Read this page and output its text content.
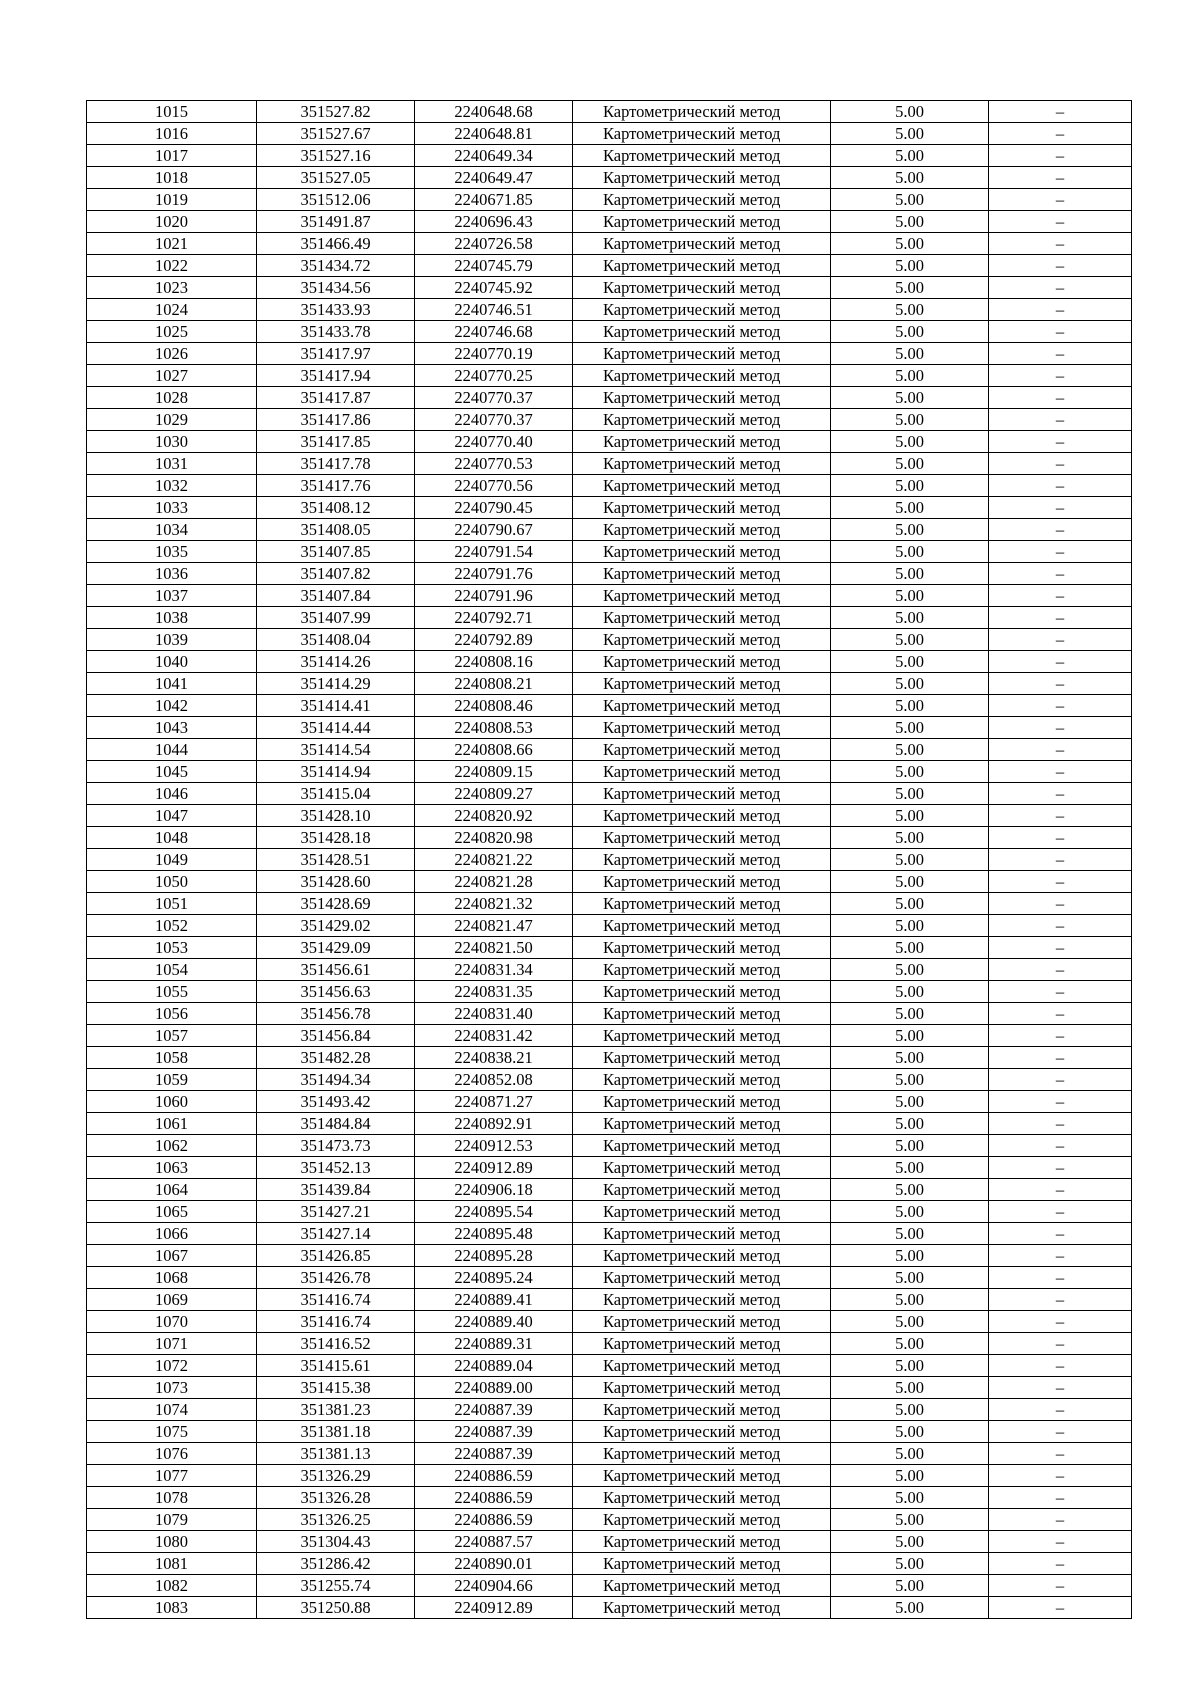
1015	351527.82	2240648.68	Картометрический метод	5.00	–
1016	351527.67	2240648.81	Картометрический метод	5.00	–
1017	351527.16	2240649.34	Картометрический метод	5.00	–
1018	351527.05	2240649.47	Картометрический метод	5.00	–
1019	351512.06	2240671.85	Картометрический метод	5.00	–
1020	351491.87	2240696.43	Картометрический метод	5.00	–
1021	351466.49	2240726.58	Картометрический метод	5.00	–
1022	351434.72	2240745.79	Картометрический метод	5.00	–
1023	351434.56	2240745.92	Картометрический метод	5.00	–
1024	351433.93	2240746.51	Картометрический метод	5.00	–
1025	351433.78	2240746.68	Картометрический метод	5.00	–
1026	351417.97	2240770.19	Картометрический метод	5.00	–
1027	351417.94	2240770.25	Картометрический метод	5.00	–
1028	351417.87	2240770.37	Картометрический метод	5.00	–
1029	351417.86	2240770.37	Картометрический метод	5.00	–
1030	351417.85	2240770.40	Картометрический метод	5.00	–
1031	351417.78	2240770.53	Картометрический метод	5.00	–
1032	351417.76	2240770.56	Картометрический метод	5.00	–
1033	351408.12	2240790.45	Картометрический метод	5.00	–
1034	351408.05	2240790.67	Картометрический метод	5.00	–
1035	351407.85	2240791.54	Картометрический метод	5.00	–
1036	351407.82	2240791.76	Картометрический метод	5.00	–
1037	351407.84	2240791.96	Картометрический метод	5.00	–
1038	351407.99	2240792.71	Картометрический метод	5.00	–
1039	351408.04	2240792.89	Картометрический метод	5.00	–
1040	351414.26	2240808.16	Картометрический метод	5.00	–
1041	351414.29	2240808.21	Картометрический метод	5.00	–
1042	351414.41	2240808.46	Картометрический метод	5.00	–
1043	351414.44	2240808.53	Картометрический метод	5.00	–
1044	351414.54	2240808.66	Картометрический метод	5.00	–
1045	351414.94	2240809.15	Картометрический метод	5.00	–
1046	351415.04	2240809.27	Картометрический метод	5.00	–
1047	351428.10	2240820.92	Картометрический метод	5.00	–
1048	351428.18	2240820.98	Картометрический метод	5.00	–
1049	351428.51	2240821.22	Картометрический метод	5.00	–
1050	351428.60	2240821.28	Картометрический метод	5.00	–
1051	351428.69	2240821.32	Картометрический метод	5.00	–
1052	351429.02	2240821.47	Картометрический метод	5.00	–
1053	351429.09	2240821.50	Картометрический метод	5.00	–
1054	351456.61	2240831.34	Картометрический метод	5.00	–
1055	351456.63	2240831.35	Картометрический метод	5.00	–
1056	351456.78	2240831.40	Картометрический метод	5.00	–
1057	351456.84	2240831.42	Картометрический метод	5.00	–
1058	351482.28	2240838.21	Картометрический метод	5.00	–
1059	351494.34	2240852.08	Картометрический метод	5.00	–
1060	351493.42	2240871.27	Картометрический метод	5.00	–
1061	351484.84	2240892.91	Картометрический метод	5.00	–
1062	351473.73	2240912.53	Картометрический метод	5.00	–
1063	351452.13	2240912.89	Картометрический метод	5.00	–
1064	351439.84	2240906.18	Картометрический метод	5.00	–
1065	351427.21	2240895.54	Картометрический метод	5.00	–
1066	351427.14	2240895.48	Картометрический метод	5.00	–
1067	351426.85	2240895.28	Картометрический метод	5.00	–
1068	351426.78	2240895.24	Картометрический метод	5.00	–
1069	351416.74	2240889.41	Картометрический метод	5.00	–
1070	351416.74	2240889.40	Картометрический метод	5.00	–
1071	351416.52	2240889.31	Картометрический метод	5.00	–
1072	351415.61	2240889.04	Картометрический метод	5.00	–
1073	351415.38	2240889.00	Картометрический метод	5.00	–
1074	351381.23	2240887.39	Картометрический метод	5.00	–
1075	351381.18	2240887.39	Картометрический метод	5.00	–
1076	351381.13	2240887.39	Картометрический метод	5.00	–
1077	351326.29	2240886.59	Картометрический метод	5.00	–
1078	351326.28	2240886.59	Картометрический метод	5.00	–
1079	351326.25	2240886.59	Картометрический метод	5.00	–
1080	351304.43	2240887.57	Картометрический метод	5.00	–
1081	351286.42	2240890.01	Картометрический метод	5.00	–
1082	351255.74	2240904.66	Картометрический метод	5.00	–
1083	351250.88	2240912.89	Картометрический метод	5.00	–
